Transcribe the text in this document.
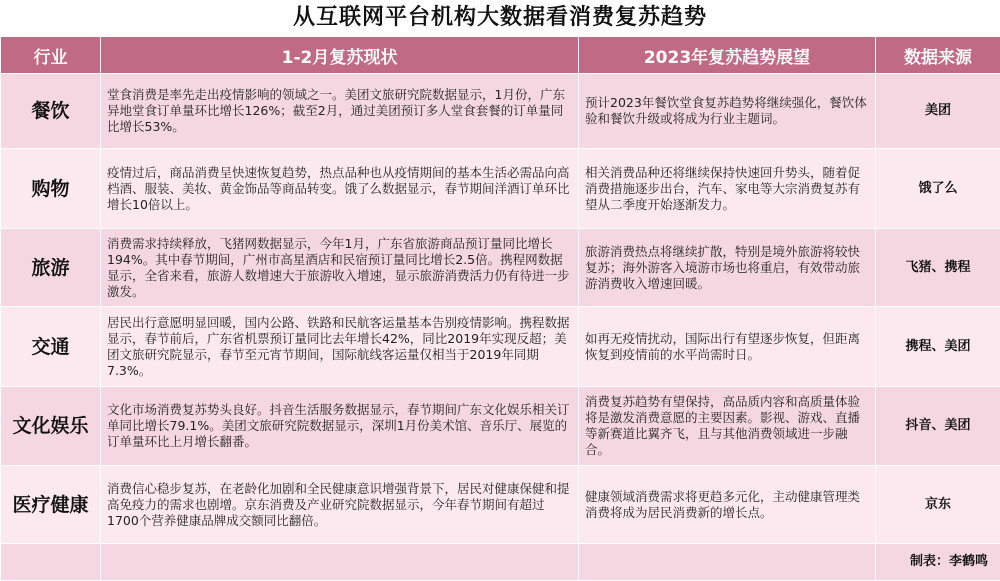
从互联网平台机构大数据看消费复苏趋势
行业	1-2月复苏现状	2023年复苏趋势展望	数据来源
餐饮	堂食消费是率先走出疫情影响的领域之一。美团文旅研究院数据显示，1月份，广东异地堂食订单量环比增长126%；截至2月，通过美团预订多人堂食套餐的订单量同比增长53%。	预计2023年餐饮堂食复苏趋势将继续强化，餐饮体验和餐饮升级或将成为行业主题词。	美团
购物	疫情过后，商品消费呈快速恢复趋势，热点品种也从疫情期间的基本生活必需品向高档酒、服装、美妆、黄金饰品等商品转变。饿了么数据显示，春节期间洋酒订单环比增长10倍以上。	相关消费品种还将继续保持快速回升势头，随着促消费措施逐步出台，汽车、家电等大宗消费复苏有望从二季度开始逐渐发力。	饿了么
旅游	消费需求持续释放，飞猪网数据显示，今年1月，广东省旅游商品预订量同比增长194%。其中春节期间，广州市高星酒店和民宿预订量同比增长2.5倍。携程网数据显示，全省来看，旅游人数增速大于旅游收入增速，显示旅游消费活力仍有待进一步激发。	旅游消费热点将继续扩散，特别是境外旅游将较快复苏；海外游客入境游市场也将重启，有效带动旅游消费收入增速回暖。	飞猪、携程
交通	居民出行意愿明显回暖，国内公路、铁路和民航客运量基本告别疫情影响。携程数据显示，春节前后，广东省机票预订量同比去年增长42%，同比2019年实现反超；美团文旅研究院显示，春节至元宵节期间，国际航线客运量仅相当于2019年同期7.3%。	如再无疫情扰动，国际出行有望逐步恢复，但距离恢复到疫情前的水平尚需时日。	携程、美团
文化娱乐	文化市场消费复苏势头良好。抖音生活服务数据显示，春节期间广东文化娱乐相关订单同比增长79.1%。美团文旅研究院数据显示，深圳1月份美术馆、音乐厅、展览的订单量环比上月增长翻番。	消费复苏趋势有望保持，高品质内容和高质量体验将是激发消费意愿的主要因素。影视、游戏、直播等新赛道比翼齐飞，且与其他消费领域进一步融合。	抖音、美团
医疗健康	消费信心稳步复苏，在老龄化加剧和全民健康意识增强背景下，居民对健康保健和提高免疫力的需求也剧增。京东消费及产业研究院数据显示，今年春节期间有超过1700个营养健康品牌成交额同比翻倍。	健康领域消费需求将更趋多元化，主动健康管理类消费将成为居民消费新的增长点。	京东
			制表：李鹤鸣
